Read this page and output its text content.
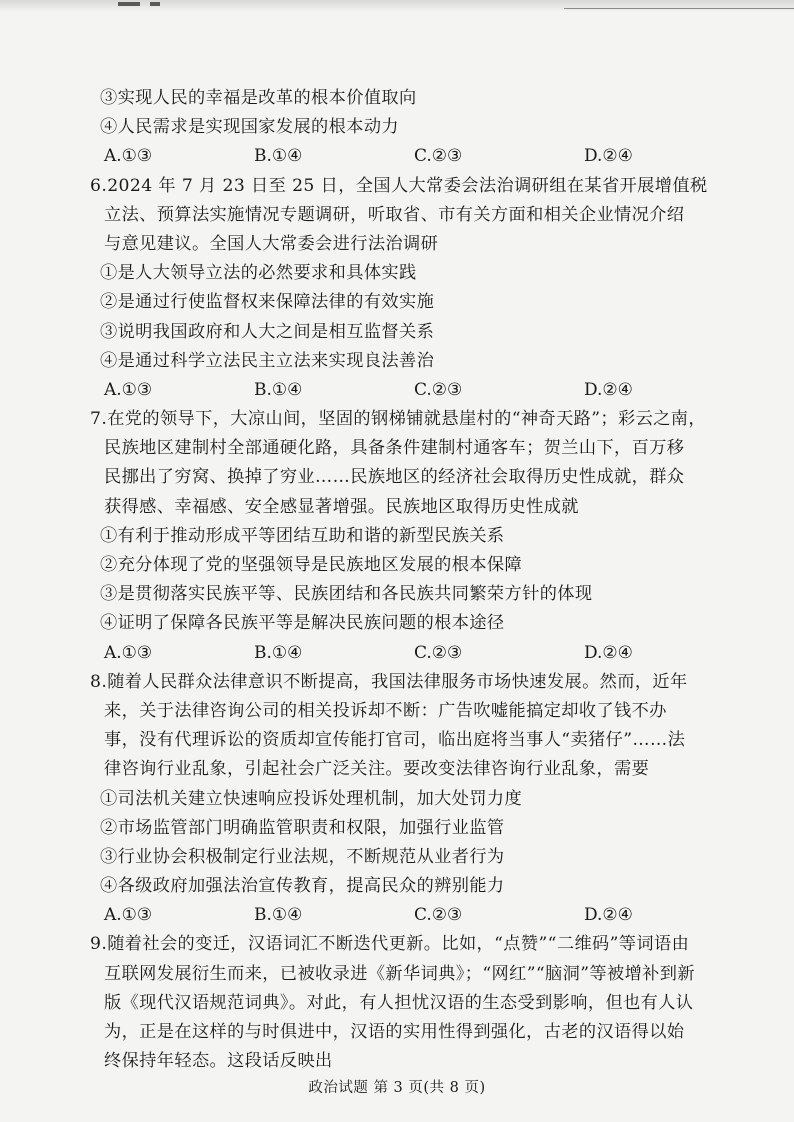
③实现人民的幸福是改革的根本价值取向
④人民需求是实现国家发展的根本动力
A.①③	B.①④	C.②③	D.②④
6.2024 年 7 月 23 日至 25 日，全国人大常委会法治调研组在某省开展增值税
立法、预算法实施情况专题调研，听取省、市有关方面和相关企业情况介绍
与意见建议。全国人大常委会进行法治调研
①是人大领导立法的必然要求和具体实践
②是通过行使监督权来保障法律的有效实施
③说明我国政府和人大之间是相互监督关系
④是通过科学立法民主立法来实现良法善治
A.①③	B.①④	C.②③	D.②④
7.在党的领导下，大凉山间，坚固的钢梯铺就悬崖村的“神奇天路”；彩云之南，
民族地区建制村全部通硬化路，具备条件建制村通客车；贺兰山下，百万移
民挪出了穷窝、换掉了穷业……民族地区的经济社会取得历史性成就，群众
获得感、幸福感、安全感显著增强。民族地区取得历史性成就
①有利于推动形成平等团结互助和谐的新型民族关系
②充分体现了党的坚强领导是民族地区发展的根本保障
③是贯彻落实民族平等、民族团结和各民族共同繁荣方针的体现
④证明了保障各民族平等是解决民族问题的根本途径
A.①③	B.①④	C.②③	D.②④
8.随着人民群众法律意识不断提高，我国法律服务市场快速发展。然而，近年
来，关于法律咨询公司的相关投诉却不断：广告吹嘘能搞定却收了钱不办
事，没有代理诉讼的资质却宣传能打官司，临出庭将当事人“卖猪仔”……法
律咨询行业乱象，引起社会广泛关注。要改变法律咨询行业乱象，需要
①司法机关建立快速响应投诉处理机制，加大处罚力度
②市场监管部门明确监管职责和权限，加强行业监管
③行业协会积极制定行业法规，不断规范从业者行为
④各级政府加强法治宣传教育，提高民众的辨别能力
A.①③	B.①④	C.②③	D.②④
9.随着社会的变迁，汉语词汇不断迭代更新。比如，“点赞”“二维码”等词语由
互联网发展衍生而来，已被收录进《新华词典》；“网红”“脑洞”等被增补到新
版《现代汉语规范词典》。对此，有人担忧汉语的生态受到影响，但也有人认
为，正是在这样的与时俱进中，汉语的实用性得到强化，古老的汉语得以始
终保持年轻态。这段话反映出
政治试题 第 3 页(共 8 页)
